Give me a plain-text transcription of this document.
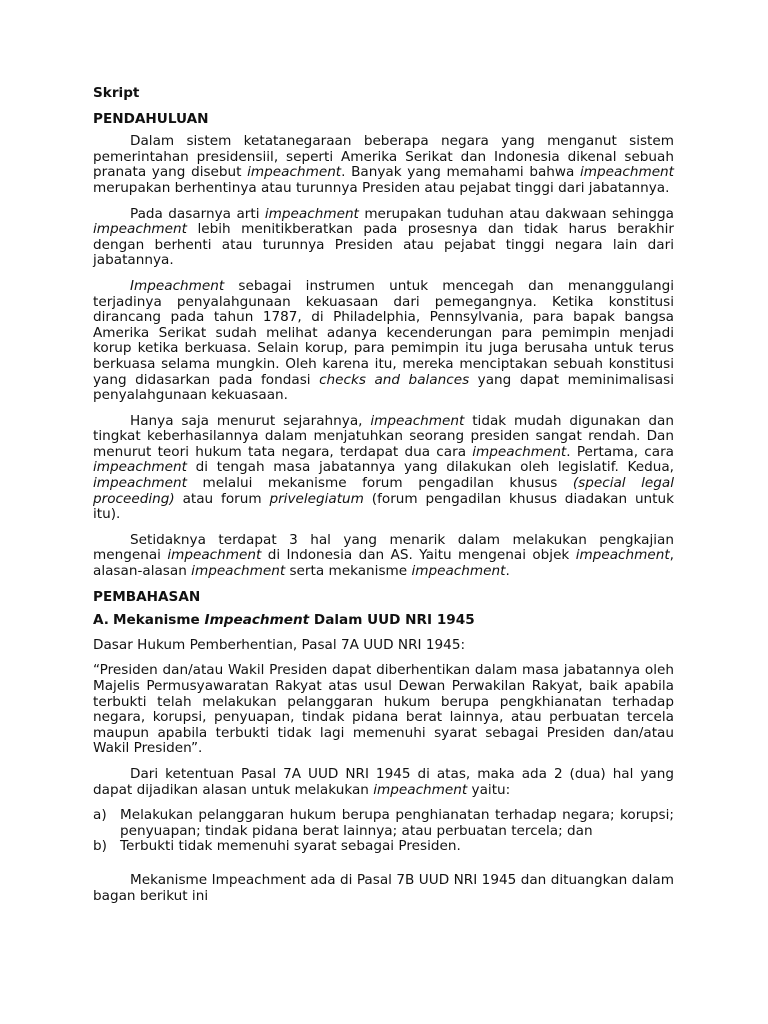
Skript
PENDAHULUAN
Dalam sistem ketatanegaraan beberapa negara yang menganut sistem pemerintahan presidensiil, seperti Amerika Serikat dan Indonesia dikenal sebuah pranata yang disebut impeachment. Banyak yang memahami bahwa impeachment merupakan berhentinya atau turunnya Presiden atau pejabat tinggi dari jabatannya.
Pada dasarnya arti impeachment merupakan tuduhan atau dakwaan sehingga impeachment lebih menitikberatkan pada prosesnya dan tidak harus berakhir dengan berhenti atau turunnya Presiden atau pejabat tinggi negara lain dari jabatannya.
Impeachment sebagai instrumen untuk mencegah dan menanggulangi terjadinya penyalahgunaan kekuasaan dari pemegangnya. Ketika konstitusi dirancang pada tahun 1787, di Philadelphia, Pennsylvania, para bapak bangsa Amerika Serikat sudah melihat adanya kecenderungan para pemimpin menjadi korup ketika berkuasa. Selain korup, para pemimpin itu juga berusaha untuk terus berkuasa selama mungkin. Oleh karena itu, mereka menciptakan sebuah konstitusi yang didasarkan pada fondasi checks and balances yang dapat meminimalisasi penyalahgunaan kekuasaan.
Hanya saja menurut sejarahnya, impeachment tidak mudah digunakan dan tingkat keberhasilannya dalam menjatuhkan seorang presiden sangat rendah. Dan menurut teori hukum tata negara, terdapat dua cara impeachment. Pertama, cara impeachment di tengah masa jabatannya yang dilakukan oleh legislatif. Kedua, impeachment melalui mekanisme forum pengadilan khusus (special legal proceeding) atau forum privelegiatum (forum pengadilan khusus diadakan untuk itu).
Setidaknya terdapat 3 hal yang menarik dalam melakukan pengkajian mengenai impeachment di Indonesia dan AS. Yaitu mengenai objek impeachment, alasan-alasan impeachment serta mekanisme impeachment.
PEMBAHASAN
A. Mekanisme Impeachment Dalam UUD NRI 1945
Dasar Hukum Pemberhentian, Pasal 7A UUD NRI 1945:
“Presiden dan/atau Wakil Presiden dapat diberhentikan dalam masa jabatannya oleh Majelis Permusyawaratan Rakyat atas usul Dewan Perwakilan Rakyat, baik apabila terbukti telah melakukan pelanggaran hukum berupa pengkhianatan terhadap negara, korupsi, penyuapan, tindak pidana berat lainnya, atau perbuatan tercela maupun apabila terbukti tidak lagi memenuhi syarat sebagai Presiden dan/atau Wakil Presiden”.
Dari ketentuan Pasal 7A UUD NRI 1945 di atas, maka ada 2 (dua) hal yang dapat dijadikan alasan untuk melakukan impeachment yaitu:
a) Melakukan pelanggaran hukum berupa penghianatan terhadap negara; korupsi; penyuapan; tindak pidana berat lainnya; atau perbuatan tercela; dan
b) Terbukti tidak memenuhi syarat sebagai Presiden.
Mekanisme Impeachment ada di Pasal 7B UUD NRI 1945 dan dituangkan dalam bagan berikut ini
